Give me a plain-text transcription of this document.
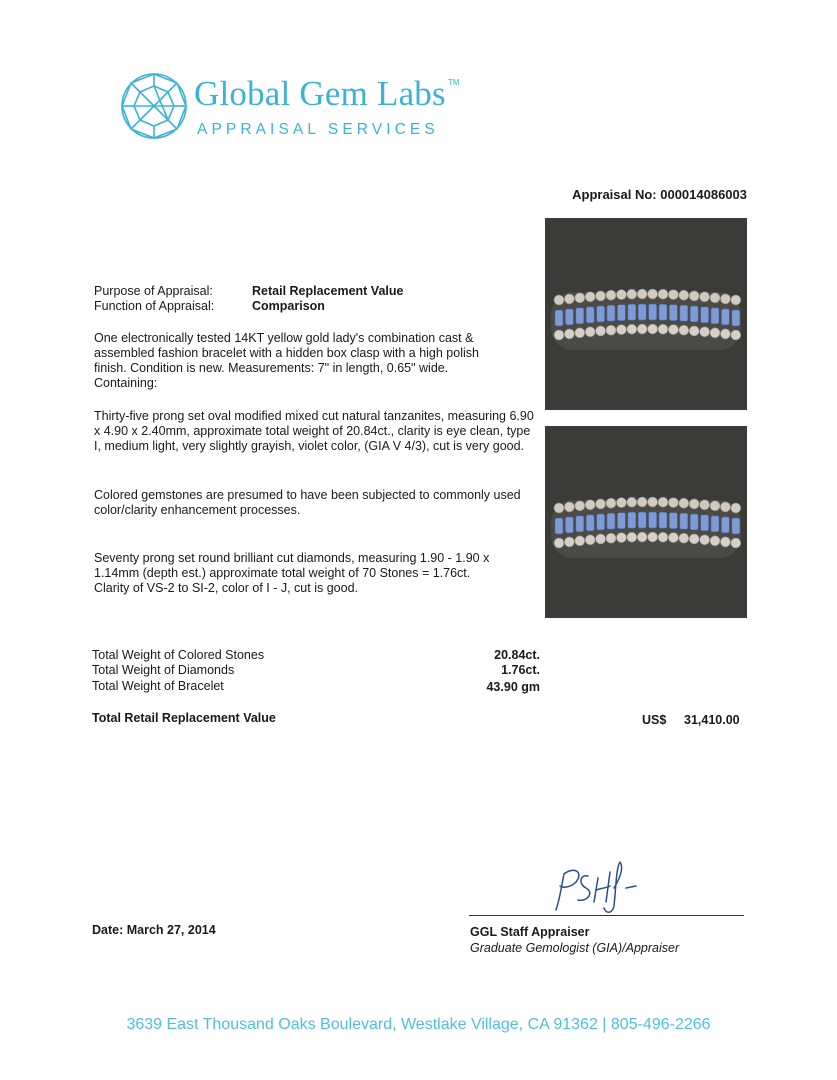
Global Gem Labs ™
APPRAISAL SERVICES
Appraisal No: 000014086003
Purpose of Appraisal:	Retail Replacement Value
Function of Appraisal:	Comparison
One electronically tested 14KT yellow gold lady's combination cast & assembled fashion bracelet with a hidden box clasp with a high polish finish. Condition is new. Measurements: 7" in length, 0.65" wide. Containing:
Thirty-five prong set oval modified mixed cut natural tanzanites, measuring 6.90 x 4.90 x 2.40mm, approximate total weight of 20.84ct., clarity is eye clean, type I, medium light, very slightly grayish, violet color, (GIA V 4/3), cut is very good.
Colored gemstones are presumed to have been subjected to commonly used color/clarity enhancement processes.
Seventy prong set round brilliant cut diamonds, measuring 1.90 - 1.90 x 1.14mm (depth est.) approximate total weight of 70 Stones = 1.76ct. Clarity of VS-2 to SI-2, color of I - J, cut is good.
Total Weight of Colored Stones	20.84ct.
Total Weight of Diamonds	1.76ct.
Total Weight of Bracelet	43.90 gm
Total Retail Replacement Value	US$ 31,410.00
Date: March 27, 2014	GGL Staff Appraiser
Graduate Gemologist (GIA)/Appraiser
3639 East Thousand Oaks Boulevard, Westlake Village, CA 91362 | 805-496-2266
